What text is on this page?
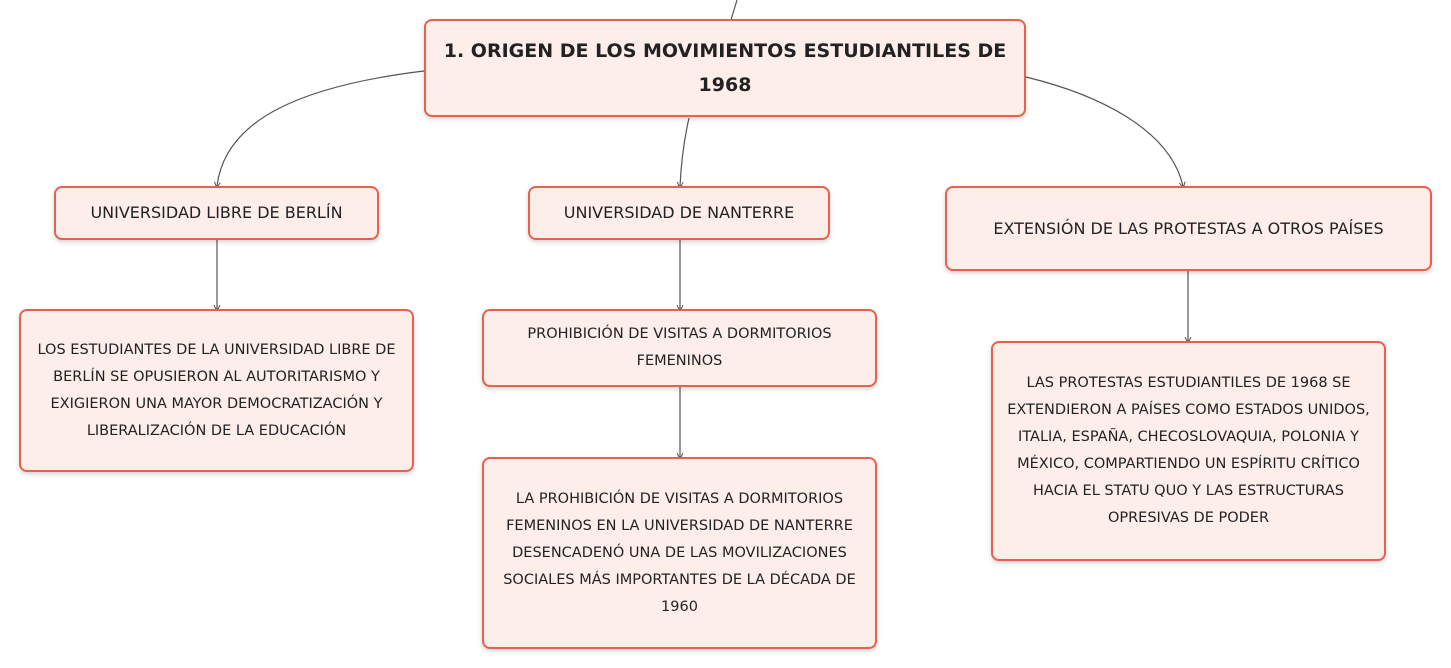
1. ORIGEN DE LOS MOVIMIENTOS ESTUDIANTILES DE 1968
UNIVERSIDAD LIBRE DE BERLÍN	UNIVERSIDAD DE NANTERRE
EXTENSIÓN DE LAS PROTESTAS A OTROS PAÍSES
LOS ESTUDIANTES DE LA UNIVERSIDAD LIBRE DE BERLÍN SE OPUSIERON AL AUTORITARISMO Y EXIGIERON UNA MAYOR DEMOCRATIZACIÓN Y LIBERALIZACIÓN DE LA EDUCACIÓN
PROHIBICIÓN DE VISITAS A DORMITORIOS FEMENINOS
LA PROHIBICIÓN DE VISITAS A DORMITORIOS FEMENINOS EN LA UNIVERSIDAD DE NANTERRE DESENCADENÓ UNA DE LAS MOVILIZACIONES SOCIALES MÁS IMPORTANTES DE LA DÉCADA DE 1960
LAS PROTESTAS ESTUDIANTILES DE 1968 SE EXTENDIERON A PAÍSES COMO ESTADOS UNIDOS, ITALIA, ESPAÑA, CHECOSLOVAQUIA, POLONIA Y MÉXICO, COMPARTIENDO UN ESPÍRITU CRÍTICO HACIA EL STATU QUO Y LAS ESTRUCTURAS OPRESIVAS DE PODER
